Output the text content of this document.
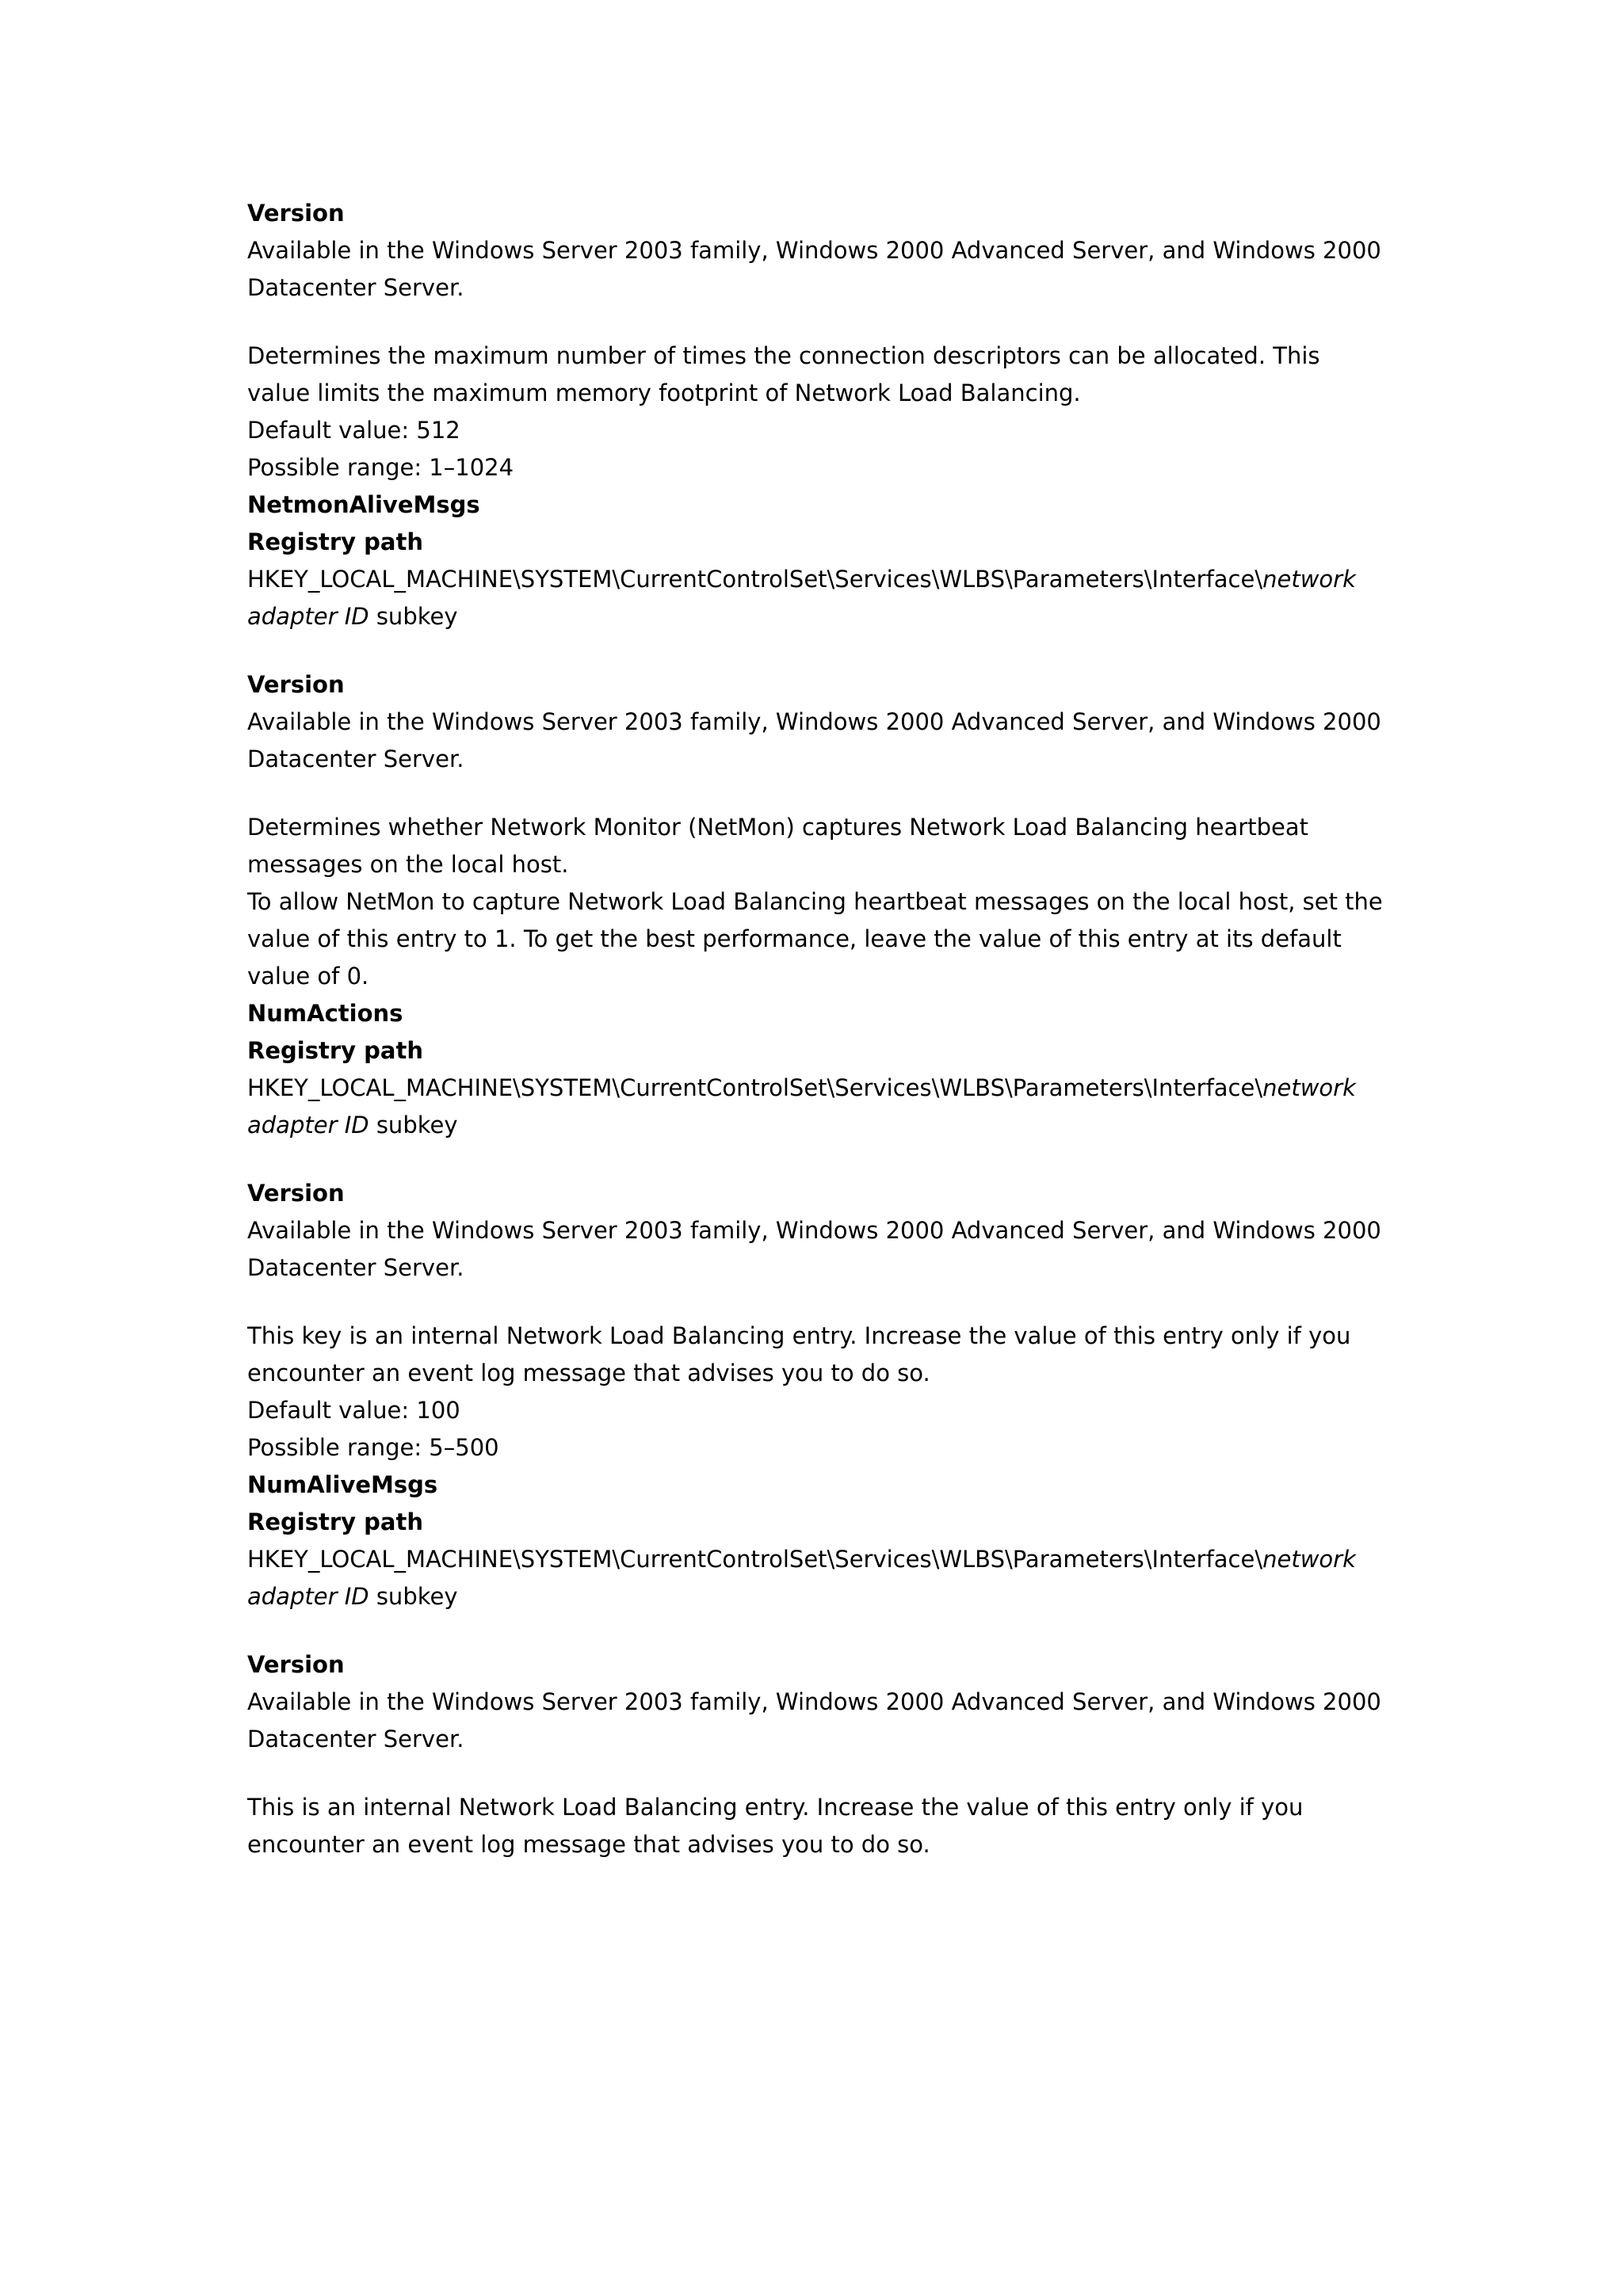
Version

Available in the Windows Server 2003 family, Windows 2000 Advanced Server, and Windows 2000 Datacenter Server.

Determines the maximum number of times the connection descriptors can be allocated. This value limits the maximum memory footprint of Network Load Balancing.

Default value: 512

Possible range: 1–1024

NetmonAliveMsgs

Registry path

HKEY_LOCAL_MACHINE\SYSTEM\CurrentControlSet\Services\WLBS\Parameters\Interface\network adapter ID subkey

Version

Available in the Windows Server 2003 family, Windows 2000 Advanced Server, and Windows 2000 Datacenter Server.

Determines whether Network Monitor (NetMon) captures Network Load Balancing heartbeat messages on the local host.

To allow NetMon to capture Network Load Balancing heartbeat messages on the local host, set the value of this entry to 1. To get the best performance, leave the value of this entry at its default value of 0.

NumActions

Registry path

HKEY_LOCAL_MACHINE\SYSTEM\CurrentControlSet\Services\WLBS\Parameters\Interface\network adapter ID subkey

Version

Available in the Windows Server 2003 family, Windows 2000 Advanced Server, and Windows 2000 Datacenter Server.

This key is an internal Network Load Balancing entry. Increase the value of this entry only if you encounter an event log message that advises you to do so.

Default value: 100

Possible range: 5–500

NumAliveMsgs

Registry path

HKEY_LOCAL_MACHINE\SYSTEM\CurrentControlSet\Services\WLBS\Parameters\Interface\network adapter ID subkey

Version

Available in the Windows Server 2003 family, Windows 2000 Advanced Server, and Windows 2000 Datacenter Server.

This is an internal Network Load Balancing entry. Increase the value of this entry only if you encounter an event log message that advises you to do so.
